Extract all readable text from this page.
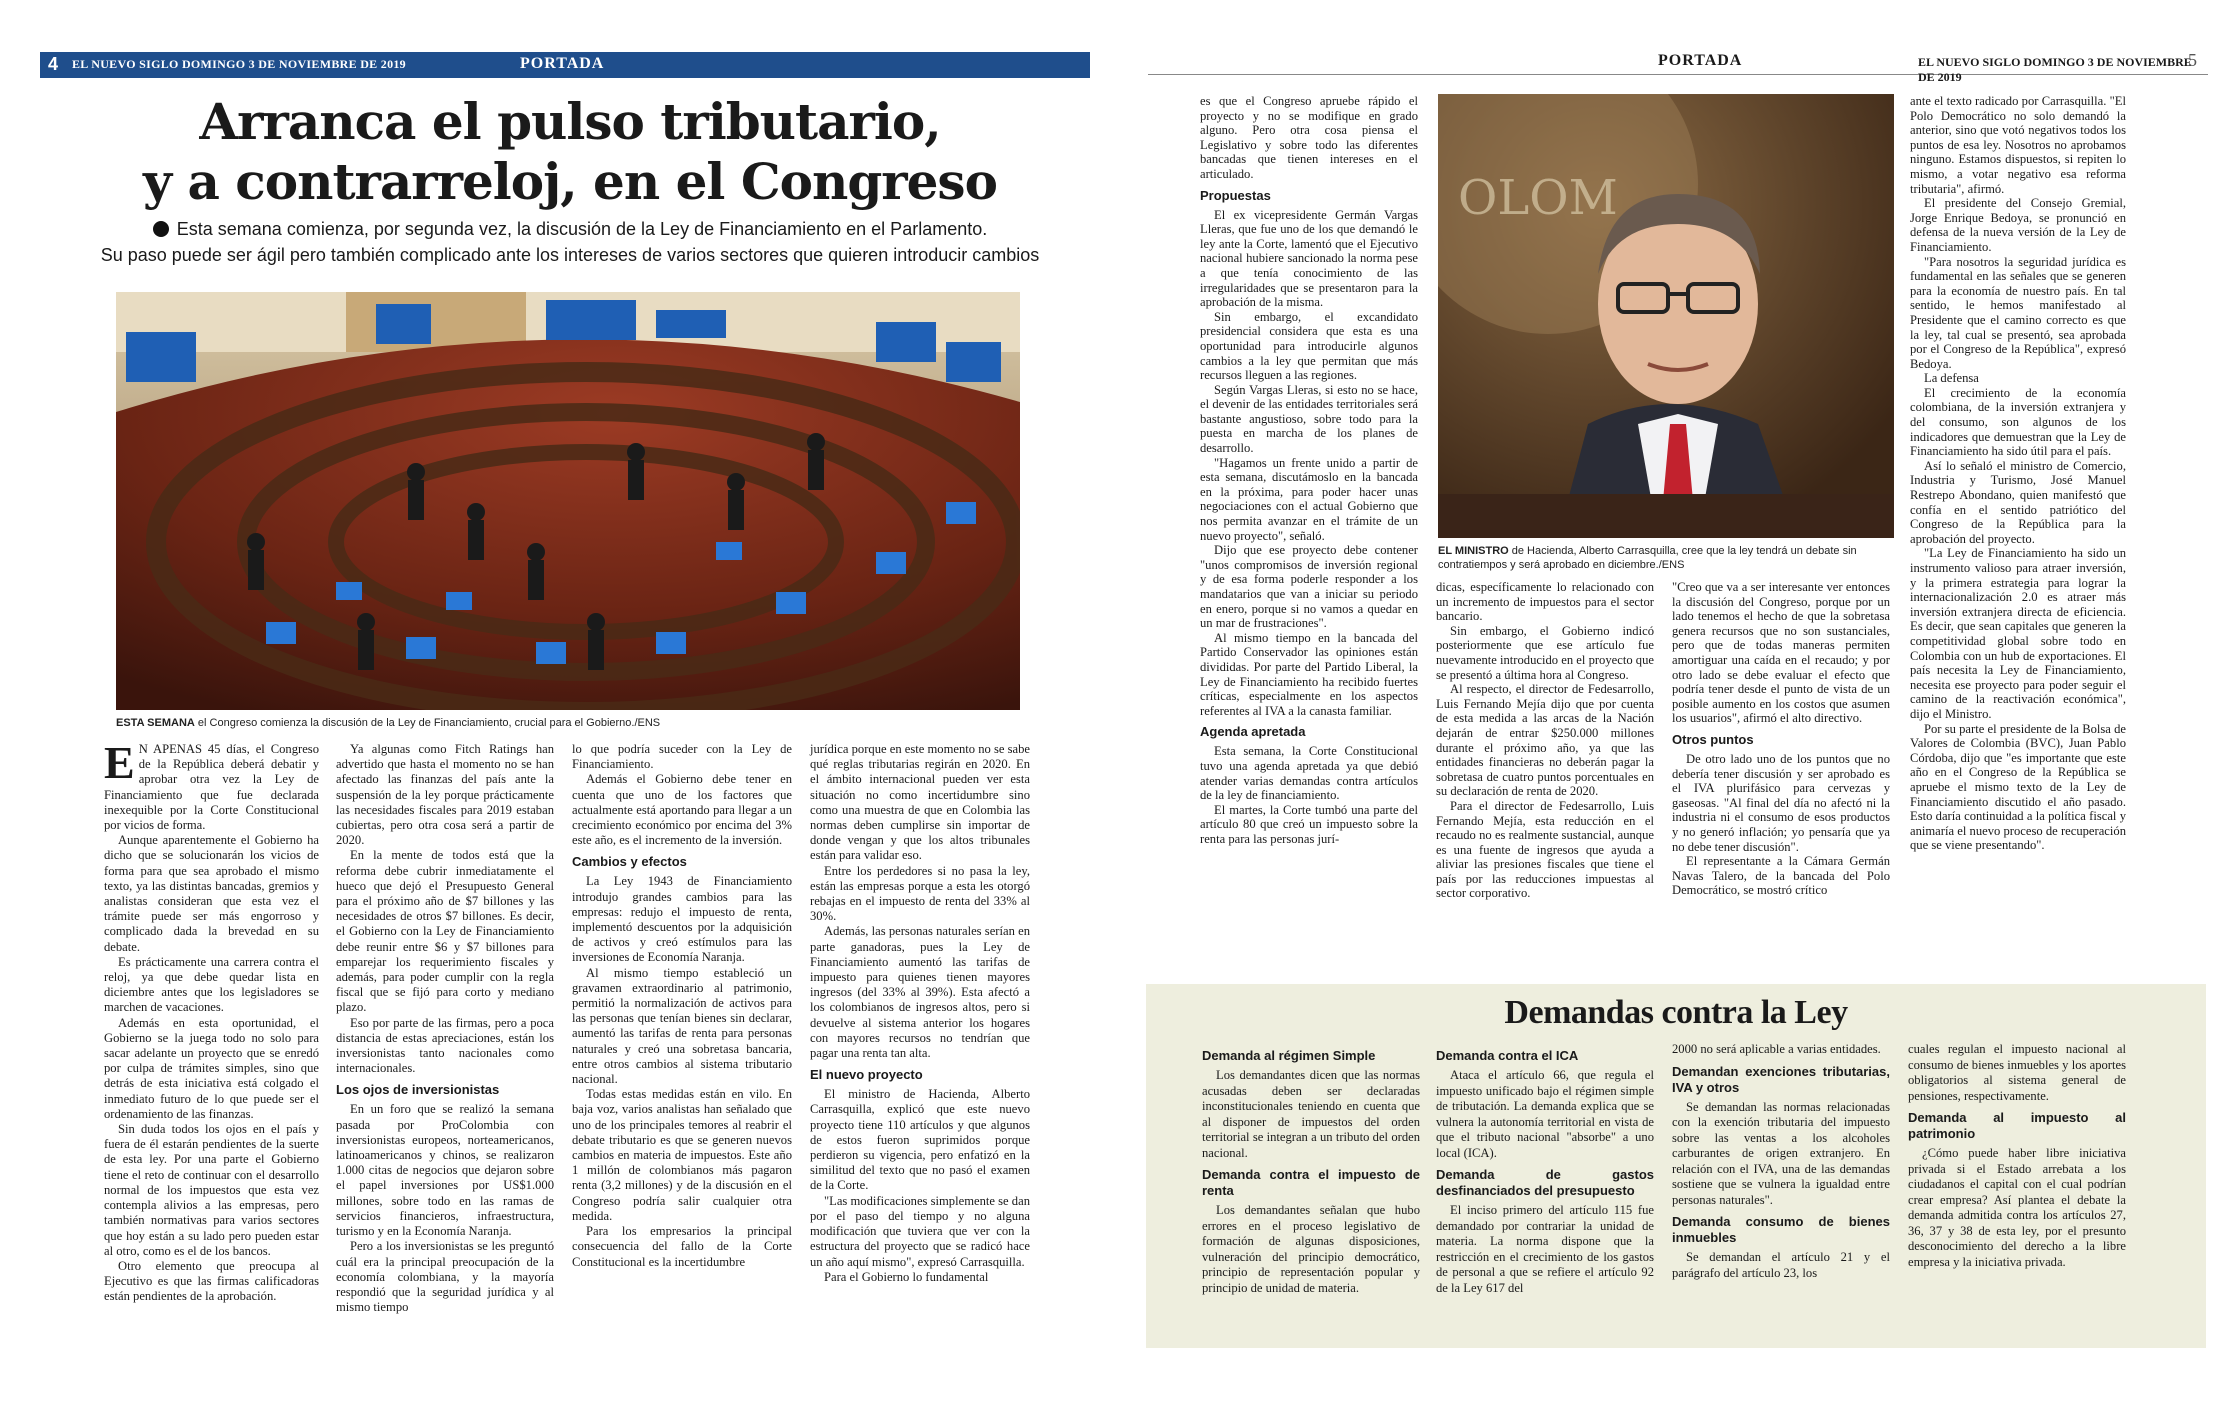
4 EL NUEVO SIGLO DOMINGO 3 DE NOVIEMBRE DE 2019	PORTADA
Arranca el pulso tributario,
y a contrarreloj, en el Congreso
Esta semana comienza, por segunda vez, la discusión de la Ley de Financiamiento en el Parlamento.
Su paso puede ser ágil pero también complicado ante los intereses de varios sectores que quieren introducir cambios
ESTA SEMANA el Congreso comienza la discusión de la Ley de Financiamiento, crucial para el Gobierno./ENS

E N APENAS 45 días, el Congreso de la República deberá debatir y aprobar otra vez la Ley de Financiamiento que fue declarada inexequible por la Corte Constitucional por vicios de forma.

Aunque aparentemente el Gobierno ha dicho que se solucionarán los vicios de forma para que sea aprobado el mismo texto, ya las distintas bancadas, gremios y analistas consideran que esta vez el trámite puede ser más engorroso y complicado dada la brevedad en su debate.

Es prácticamente una carrera contra el reloj, ya que debe quedar lista en diciembre antes que los legisladores se marchen de vacaciones.

Además en esta oportunidad, el Gobierno se la juega todo no solo para sacar adelante un proyecto que se enredó por culpa de trámites simples, sino que detrás de esta iniciativa está colgado el inmediato futuro de lo que puede ser el ordenamiento de las finanzas.

Sin duda todos los ojos en el país y fuera de él estarán pendientes de la suerte de esta ley. Por una parte el Gobierno tiene el reto de continuar con el desarrollo normal de los impuestos que esta vez contempla alivios a las empresas, pero también normativas para varios sectores que hoy están a su lado pero pueden estar al otro, como es el de los bancos.

Otro elemento que preocupa al Ejecutivo es que las firmas calificadoras están pendientes de la aprobación.

Ya algunas como Fitch Ratings han advertido que hasta el momento no se han afectado las finanzas del país ante la suspensión de la ley porque prácticamente las necesidades fiscales para 2019 estaban cubiertas, pero otra cosa será a partir de 2020.

En la mente de todos está que la reforma debe cubrir inmediatamente el hueco que dejó el Presupuesto General para el próximo año de $7 billones y las necesidades de otros $7 billones. Es decir, el Gobierno con la Ley de Financiamiento debe reunir entre $6 y $7 billones para emparejar los requerimiento fiscales y además, para poder cumplir con la regla fiscal que se fijó para corto y mediano plazo.

Eso por parte de las firmas, pero a poca distancia de estas apreciaciones, están los inversionistas tanto nacionales como internacionales.

Los ojos de inversionistas

En un foro que se realizó la semana pasada por ProColombia con inversionistas europeos, norteamericanos, latinoamericanos y chinos, se realizaron 1.000 citas de negocios que dejaron sobre el papel inversiones por US$1.000 millones, sobre todo en las ramas de servicios financieros, infraestructura, turismo y en la Economía Naranja.

Pero a los inversionistas se les preguntó cuál era la principal preocupación de la economía colombiana, y la mayoría respondió que la seguridad jurídica y al mismo tiempo

lo que podría suceder con la Ley de Financiamiento.

Además el Gobierno debe tener en cuenta que uno de los factores que actualmente está aportando para llegar a un crecimiento económico por encima del 3% este año, es el incremento de la inversión.

Cambios y efectos

La Ley 1943 de Financiamiento introdujo grandes cambios para las empresas: redujo el impuesto de renta, implementó descuentos por la adquisición de activos y creó estímulos para las inversiones de Economía Naranja.

Al mismo tiempo estableció un gravamen extraordinario al patrimonio, permitió la normalización de activos para las personas que tenían bienes sin declarar, aumentó las tarifas de renta para personas naturales y creó una sobretasa bancaria, entre otros cambios al sistema tributario nacional.

Todas estas medidas están en vilo. En baja voz, varios analistas han señalado que uno de los principales temores al reabrir el debate tributario es que se generen nuevos cambios en materia de impuestos. Este año 1 millón de colombianos más pagaron renta (3,2 millones) y de la discusión en el Congreso podría salir cualquier otra medida.

Para los empresarios la principal consecuencia del fallo de la Corte Constitucional es la incertidumbre

jurídica porque en este momento no se sabe qué reglas tributarias regirán en 2020. En el ámbito internacional pueden ver esta situación no como incertidumbre sino como una muestra de que en Colombia las normas deben cumplirse sin importar de donde vengan y que los altos tribunales están para validar eso.

Entre los perdedores si no pasa la ley, están las empresas porque a esta les otorgó rebajas en el impuesto de renta del 33% al 30%.

Además, las personas naturales serían en parte ganadoras, pues la Ley de Financiamiento aumentó las tarifas de impuesto para quienes tienen mayores ingresos (del 33% al 39%). Esta afectó a los colombianos de ingresos altos, pero si devuelve al sistema anterior los hogares con mayores recursos no tendrían que pagar una renta tan alta.

El nuevo proyecto

El ministro de Hacienda, Alberto Carrasquilla, explicó que este nuevo proyecto tiene 110 artículos y que algunos de estos fueron suprimidos porque perdieron su vigencia, pero enfatizó en la similitud del texto que no pasó el examen de la Corte.

"Las modificaciones simplemente se dan por el paso del tiempo y no alguna modificación que tuviera que ver con la estructura del proyecto que se radicó hace un año aquí mismo", expresó Carrasquilla.

Para el Gobierno lo fundamental

PORTADA	EL NUEVO SIGLO DOMINGO 3 DE NOVIEMBRE DE 2019
5

es que el Congreso apruebe rápido el proyecto y no se modifique en grado alguno. Pero otra cosa piensa el Legislativo y sobre todo las diferentes bancadas que tienen intereses en el articulado.

Propuestas

El ex vicepresidente Germán Vargas Lleras, que fue uno de los que demandó le ley ante la Corte, lamentó que el Ejecutivo nacional hubiere sancionado la norma pese a que tenía conocimiento de las irregularidades que se presentaron para la aprobación de la misma.

Sin embargo, el excandidato presidencial considera que esta es una oportunidad para introducirle algunos cambios a la ley que permitan que más recursos lleguen a las regiones.

Según Vargas Lleras, si esto no se hace, el devenir de las entidades territoriales será bastante angustioso, sobre todo para la puesta en marcha de los planes de desarrollo.

"Hagamos un frente unido a partir de esta semana, discutámoslo en la bancada en la próxima, para poder hacer unas negociaciones con el actual Gobierno que nos permita avanzar en el trámite de un nuevo proyecto", señaló.

Dijo que ese proyecto debe contener "unos compromisos de inversión regional y de esa forma poderle responder a los mandatarios que van a iniciar su periodo en enero, porque si no vamos a quedar en un mar de frustraciones".

Al mismo tiempo en la bancada del Partido Conservador las opiniones están divididas. Por parte del Partido Liberal, la Ley de Financiamiento ha recibido fuertes críticas, especialmente en los aspectos referentes al IVA a la canasta familiar.

Agenda apretada

Esta semana, la Corte Constitucional tuvo una agenda apretada ya que debió atender varias demandas contra artículos de la ley de financiamiento.

El martes, la Corte tumbó una parte del artículo 80 que creó un impuesto sobre la renta para las personas jurí-

OLOM
EL MINISTRO de Hacienda, Alberto Carrasquilla, cree que la ley tendrá un debate sin contratiempos y será aprobado en diciembre./ENS

dicas, específicamente lo relacionado con un incremento de impuestos para el sector bancario.

Sin embargo, el Gobierno indicó posteriormente que ese artículo fue nuevamente introducido en el proyecto que se presentó a última hora al Congreso.

Al respecto, el director de Fedesarrollo, Luis Fernando Mejía dijo que por cuenta de esta medida a las arcas de la Nación dejarán de entrar $250.000 millones durante el próximo año, ya que las entidades financieras no deberán pagar la sobretasa de cuatro puntos porcentuales en su declaración de renta de 2020.

Para el director de Fedesarrollo, Luis Fernando Mejía, esta reducción en el recaudo no es realmente sustancial, aunque es una fuente de ingresos que ayuda a aliviar las presiones fiscales que tiene el país por las reducciones impuestas al sector corporativo.

"Creo que va a ser interesante ver entonces la discusión del Congreso, porque por un lado tenemos el hecho de que la sobretasa genera recursos que no son sustanciales, pero que de todas maneras permiten amortiguar una caída en el recaudo; y por otro lado se debe evaluar el efecto que podría tener desde el punto de vista de un posible aumento en los costos que asumen los usuarios", afirmó el alto directivo.

Otros puntos

De otro lado uno de los puntos que no debería tener discusión y ser aprobado es el IVA plurifásico para cervezas y gaseosas. "Al final del día no afectó ni la industria ni el consumo de esos productos y no generó inflación; yo pensaría que ya no debe tener discusión".

El representante a la Cámara Germán Navas Talero, de la bancada del Polo Democrático, se mostró crítico

ante el texto radicado por Carrasquilla. "El Polo Democrático no solo demandó la anterior, sino que votó negativos todos los puntos de esa ley. Nosotros no aprobamos ninguno. Estamos dispuestos, si repiten lo mismo, a votar negativo esa reforma tributaria", afirmó.

El presidente del Consejo Gremial, Jorge Enrique Bedoya, se pronunció en defensa de la nueva versión de la Ley de Financiamiento.

"Para nosotros la seguridad jurídica es fundamental en las señales que se generen para la economía de nuestro país. En tal sentido, le hemos manifestado al Presidente que el camino correcto es que la ley, tal cual se presentó, sea aprobada por el Congreso de la República", expresó Bedoya.

La defensa

El crecimiento de la economía colombiana, de la inversión extranjera y del consumo, son algunos de los indicadores que demuestran que la Ley de Financiamiento ha sido útil para el país.

Así lo señaló el ministro de Comercio, Industria y Turismo, José Manuel Restrepo Abondano, quien manifestó que confía en el sentido patriótico del Congreso de la República para la aprobación del proyecto.

"La Ley de Financiamiento ha sido un instrumento valioso para atraer inversión, y la primera estrategia para lograr la internacionalización 2.0 es atraer más inversión extranjera directa de eficiencia. Es decir, que sean capitales que generen la competitividad global sobre todo en Colombia con un hub de exportaciones. El país necesita la Ley de Financiamiento, necesita ese proyecto para poder seguir el camino de la reactivación económica", dijo el Ministro.

Por su parte el presidente de la Bolsa de Valores de Colombia (BVC), Juan Pablo Córdoba, dijo que "es importante que este año en el Congreso de la República se apruebe el mismo texto de la Ley de Financiamiento discutido el año pasado. Esto daría continuidad a la política fiscal y animaría el nuevo proceso de recuperación que se viene presentando".

Demandas contra la Ley
Demanda al régimen Simple

Los demandantes dicen que las normas acusadas deben ser declaradas inconstitucionales teniendo en cuenta que al disponer de impuestos del orden territorial se integran a un tributo del orden nacional.

Demanda contra el impuesto de renta

Los demandantes señalan que hubo errores en el proceso legislativo de formación de algunas disposiciones, vulneración del principio democrático, principio de representación popular y principio de unidad de materia.

Demanda contra el ICA

Ataca el artículo 66, que regula el impuesto unificado bajo el régimen simple de tributación. La demanda explica que se vulnera la autonomía territorial en vista de que el tributo nacional "absorbe" a uno local (ICA).

Demanda de gastos desfinanciados del presupuesto

El inciso primero del artículo 115 fue demandado por contrariar la unidad de materia. La norma dispone que la restricción en el crecimiento de los gastos de personal a que se refiere el artículo 92 de la Ley 617 del

2000 no será aplicable a varias entidades.

Demandan exenciones tributarias, IVA y otros

Se demandan las normas relacionadas con la exención tributaria del impuesto sobre las ventas a los alcoholes carburantes de origen extranjero. En relación con el IVA, una de las demandas sostiene que se vulnera la igualdad entre personas naturales".

Demanda consumo de bienes inmuebles

Se demandan el artículo 21 y el parágrafo del artículo 23, los

cuales regulan el impuesto nacional al consumo de bienes inmuebles y los aportes obligatorios al sistema general de pensiones, respectivamente.

Demanda al impuesto al patrimonio

¿Cómo puede haber libre iniciativa privada si el Estado arrebata a los ciudadanos el capital con el cual podrían crear empresa? Así plantea el debate la demanda admitida contra los artículos 27, 36, 37 y 38 de esta ley, por el presunto desconocimiento del derecho a la libre empresa y la iniciativa privada.
